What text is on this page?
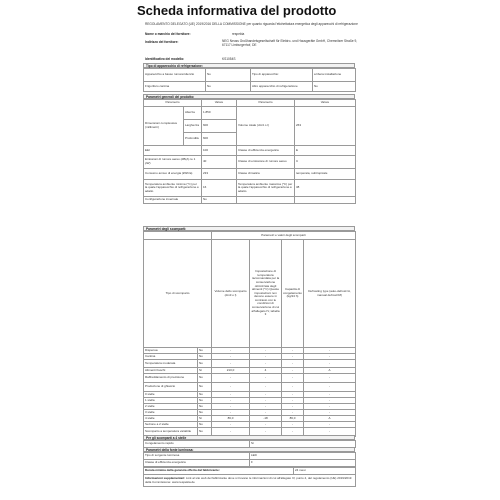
Scheda informativa del prodotto
REGOLAMENTO DELEGATO (UE) 2019/2016 DELLA COMMISSIONE per quanto riguarda l'etichettatura energetica degli apparecchi di refrigerazione
Nome o marchio del fornitore:	respekta
Indirizzo del fornitore:	NEG Neuss Großhandelsgesellschaft für Elektro- und Hausgeräte GmbH, Chemnitzer Straße 9, 67117 Limburgerhof, DE
Identificativo del modello:	KS1054S
Tipo di apparecchio di refrigerazione:
Apparecchio a basso rumore/silenzio	No	Tipo di apparecchio:	a libera installazione
Frigorifero cantina	No	Altro apparecchio di refrigerazione	No
Parametri generali del prodotto:
Parametro		Valore	Parametro	Valore
Dimensioni complessive (millimetri)	Altezza	1.850	Volume totale (dm3 o l)	263
	Larghezza	600		
	Profondità	600		
EEI		100	Classe di efficienza energetica	E
Emissioni di rumore aereo (dB(A) re 1 pW)		40	Classe di emissione di rumore aereo	C
Consumo annuo di energia (kWh/a)		233	Classe climatica	temperata, subtropicale
Temperatura ambiente minima (°C) per la quale l'apparecchio di refrigerazione è adatto		16	Temperatura ambiente massima (°C) per la quale l'apparecchio di refrigerazione è adatto	38
Configurazione invernale		No		
Parametri degli scomparti:
		Parametri e valori degli scomparti			
Tipo di scomparto		Volume dello scomparto (dm3 o l)	Impostazione di temperatura raccomandata per la conservazione ottimizzata degli alimenti (°C) Queste impostazioni non devono essere in contrasto con le condizioni di conservazione di cui all'allegato IV, tabella 3	Capacità di congelamento (kg/24 h)	Defrosting type (auto-defrost=A, manual defrost=M)
Dispensa	No	-	-	-	-
Cantina	No	-	-	-	-
Temperatura moderata	No	-	-	-	-
Alimenti freschi	Sì	210,0	4	-	A
Raffreddamento di precisione	No	-	-	-	-
Produzione di ghiaccio	No	-	-	-	-
0 stelle	No	-	-	-	-
1 stella	No	-	-	-	-
2 stelle	No	-	-	-	-
3 stelle	No	-	-	-	-
4 stelle	Sì	86,0	-18	86,0	A
Sezione a 2 stelle	No	-	-	-	-
Scomparto a temperatura variabile	No	-	-	-	-
Per gli scomparti a 4 stelle
Congelamento rapido	Sì
Parametri della fonte luminosa:
Tipo di sorgente luminosa	LED
Classe di efficienza energetica	F
Durata minima della garanzia offerta dal fabbricante:	24 mesi
Informazioni supplementari: Link al sito web del fabbricante dove si trovano le informazioni di cui all'allegato IV, punto 4, del regolamento (UE) 2019/2019 della Commissione: www.respekta.de
